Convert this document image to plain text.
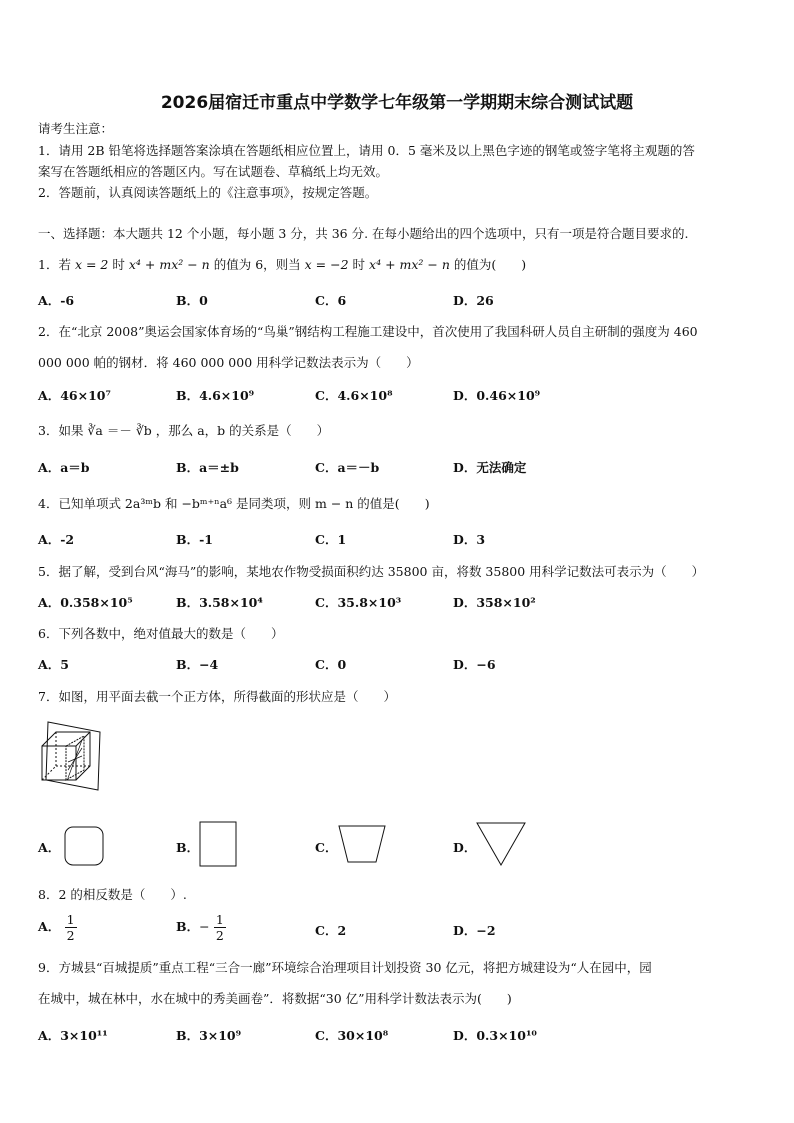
2026届宿迁市重点中学数学七年级第一学期期末综合测试试题
请考生注意：
1．请用 2B 铅笔将选择题答案涂填在答题纸相应位置上，请用 0．5 毫米及以上黑色字迹的钢笔或签字笔将主观题的答
案写在答题纸相应的答题区内。写在试题卷、草稿纸上均无效。
2．答题前，认真阅读答题纸上的《注意事项》，按规定答题。
一、选择题：本大题共 12 个小题，每小题 3 分，共 36 分. 在每小题给出的四个选项中，只有一项是符合题目要求的.
1．若 x = 2 时 x⁴ + mx² − n 的值为 6，则当 x = −2 时 x⁴ + mx² − n 的值为(　　)
A．-6	B．0	C．6	D．26
2．在“北京 2008”奥运会国家体育场的“鸟巢”钢结构工程施工建设中，首次使用了我国科研人员自主研制的强度为 460
000 000 帕的钢材．将 460 000 000 用科学记数法表示为（　　）
A．46×10⁷	B．4.6×10⁹	C．4.6×10⁸	D．0.46×10⁹
3．如果 ∛a ＝－ ∛b ，那么 a，b 的关系是（　　）
A．a＝b	B．a＝±b	C．a＝－b	D．无法确定
4．已知单项式 2a³ᵐb 和 −bᵐ⁺ⁿa⁶ 是同类项，则 m − n 的值是(　　)
A．-2	B．-1	C．1	D．3
5．据了解，受到台风“海马”的影响，某地农作物受损面积约达 35800 亩，将数 35800 用科学记数法可表示为（　　）
A．0.358×10⁵	B．3.58×10⁴	C．35.8×10³	D．358×10²
6．下列各数中，绝对值最大的数是（　　）
A．5	B．−4	C．0	D．−6
7．如图，用平面去截一个正方体，所得截面的形状应是（　　）
A．	B．	C．	D．
8．2 的相反数是（　　）.
A． $\frac{1}{2}$	B．− $\frac{1}{2}$	C．2	D．−2
9．方城县“百城提质”重点工程“三合一廊”环境综合治理项目计划投资 30 亿元，将把方城建设为“人在园中，园
在城中，城在林中，水在城中的秀美画卷”．将数据“30 亿”用科学计数法表示为(　　)
A．3×10¹¹	B．3×10⁹	C．30×10⁸	D．0.3×10¹⁰
